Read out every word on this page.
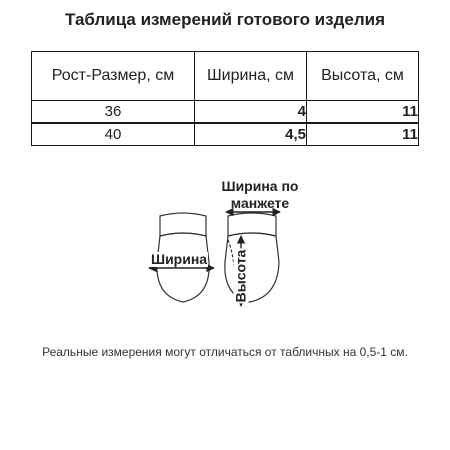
Таблица измерений готового изделия
Рост-Размер, см	Ширина, см	Высота, см
36	4	11
40	4,5	11
Ширина по манжете
Ширина Высота
Реальные измерения могут отличаться от табличных на 0,5-1 см.
